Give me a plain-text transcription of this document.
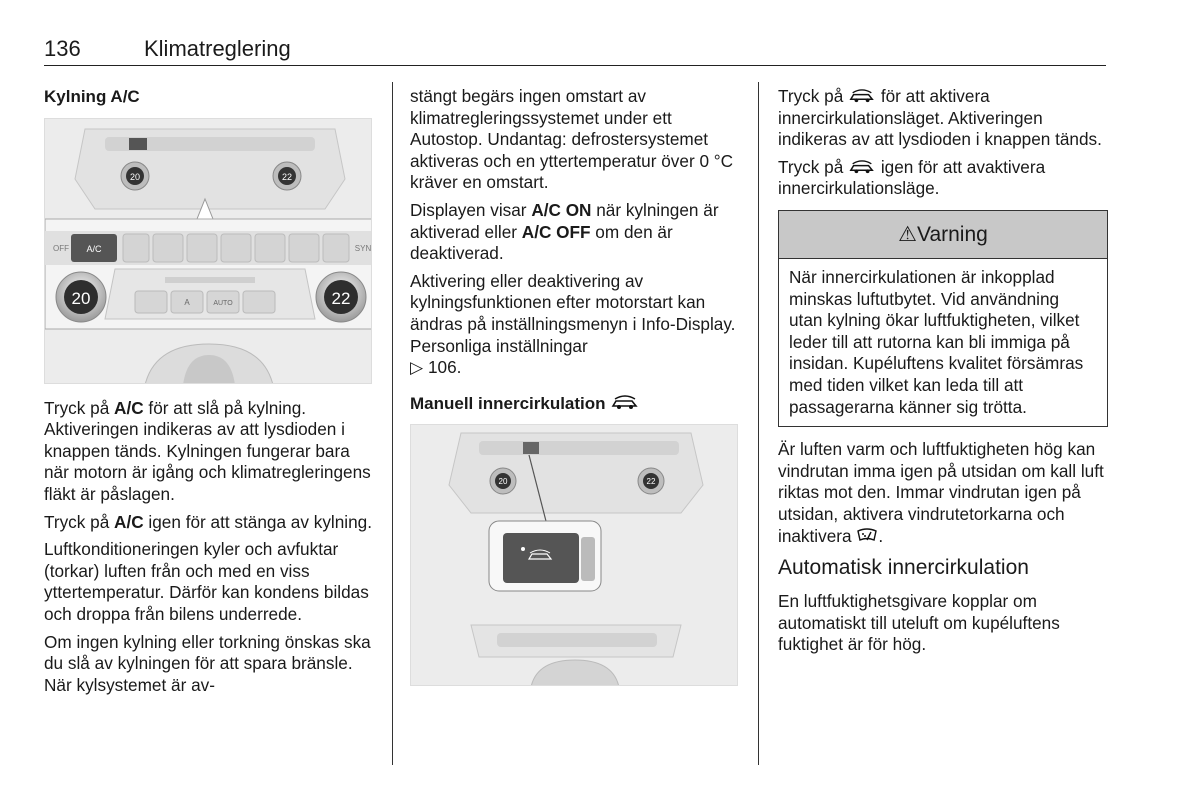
136	Klimatreglering
Kylning A/C
20	22
OFF A/C	SYN
A	AUTO
20	22

Tryck på A/C för att slå på kylning. Aktiveringen indikeras av att lysdioden i knappen tänds. Kylningen fungerar bara när motorn är igång och klimatregleringens fläkt är påslagen.

Tryck på A/C igen för att stänga av kylning.

Luftkonditioneringen kyler och avfuktar (torkar) luften från och med en viss yttertemperatur. Därför kan kondens bildas och droppa från bilens underrede.

Om ingen kylning eller torkning önskas ska du slå av kylningen för att spara bränsle. När kylsystemet är av-

stängt begärs ingen omstart av klimatregleringssystemet under ett Autostop. Undantag: defrostersystemet aktiveras och en yttertemperatur över 0 °C kräver en omstart.

Displayen visar A/C ON när kylningen är aktiverad eller A/C OFF om den är deaktiverad.

Aktivering eller deaktivering av kylningsfunktionen efter motorstart kan ändras på inställningsmenyn i Info-Display. Personliga inställningar
▷ 106.

Manuell innercirkulation
20	22

Tryck på  för att aktivera innercirkulationsläget. Aktiveringen indikeras av att lysdioden i knappen tänds.

Tryck på  igen för att avaktivera innercirkulationsläge.

⚠Varning
När innercirkulationen är inkopplad minskas luftutbytet. Vid användning utan kylning ökar luftfuktigheten, vilket leder till att rutorna kan bli immiga på insidan. Kupéluftens kvalitet försämras med tiden vilket kan leda till att passagerarna känner sig trötta.

Är luften varm och luftfuktigheten hög kan vindrutan imma igen på utsidan om kall luft riktas mot den. Immar vindrutan igen på utsidan, aktivera vindrutetorkarna och inaktivera .

Automatisk innercirkulation

En luftfuktighetsgivare kopplar om automatiskt till uteluft om kupéluftens fuktighet är för hög.
